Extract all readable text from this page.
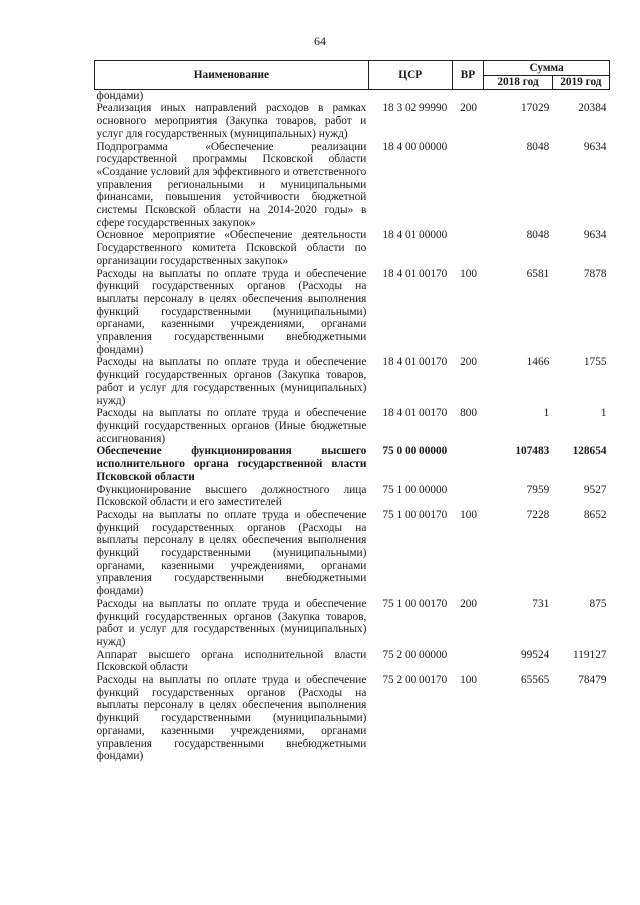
64
Наименование	ЦСР	ВР	Сумма	
			2018 год	2019 год
фондами)				
Реализация иных направлений расходов в рамках основного мероприятия (Закупка товаров, работ и услуг для государственных (муниципальных) нужд)	18 3 02 99990	200	17029	20384
Подпрограмма «Обеспечение реализации государственной программы Псковской области «Создание условий для эффективного и ответственного управления региональными и муниципальными финансами, повышения устойчивости бюджетной системы Псковской области на 2014-2020 годы» в сфере государственных закупок»	18 4 00 00000		8048	9634
Основное мероприятие «Обеспечение деятельности Государственного комитета Псковской области по организации государственных закупок»	18 4 01 00000		8048	9634
Расходы на выплаты по оплате труда и обеспечение функций государственных органов (Расходы на выплаты персоналу в целях обеспечения выполнения функций государственными (муниципальными) органами, казенными учреждениями, органами управления государственными внебюджетными фондами)	18 4 01 00170	100	6581	7878
Расходы на выплаты по оплате труда и обеспечение функций государственных органов (Закупка товаров, работ и услуг для государственных (муниципальных) нужд)	18 4 01 00170	200	1466	1755
Расходы на выплаты по оплате труда и обеспечение функций государственных органов (Иные бюджетные ассигнования)	18 4 01 00170	800	1	1
Обеспечение функционирования высшего исполнительного органа государственной власти Псковской области	75 0 00 00000		107483	128654
Функционирование высшего должностного лица Псковской области и его заместителей	75 1 00 00000		7959	9527
Расходы на выплаты по оплате труда и обеспечение функций государственных органов (Расходы на выплаты персоналу в целях обеспечения выполнения функций государственными (муниципальными) органами, казенными учреждениями, органами управления государственными внебюджетными фондами)	75 1 00 00170	100	7228	8652
Расходы на выплаты по оплате труда и обеспечение функций государственных органов (Закупка товаров, работ и услуг для государственных (муниципальных) нужд)	75 1 00 00170	200	731	875
Аппарат высшего органа исполнительной власти Псковской области	75 2 00 00000		99524	119127
Расходы на выплаты по оплате труда и обеспечение функций государственных органов (Расходы на выплаты персоналу в целях обеспечения выполнения функций государственными (муниципальными) органами, казенными учреждениями, органами управления государственными внебюджетными фондами)	75 2 00 00170	100	65565	78479
